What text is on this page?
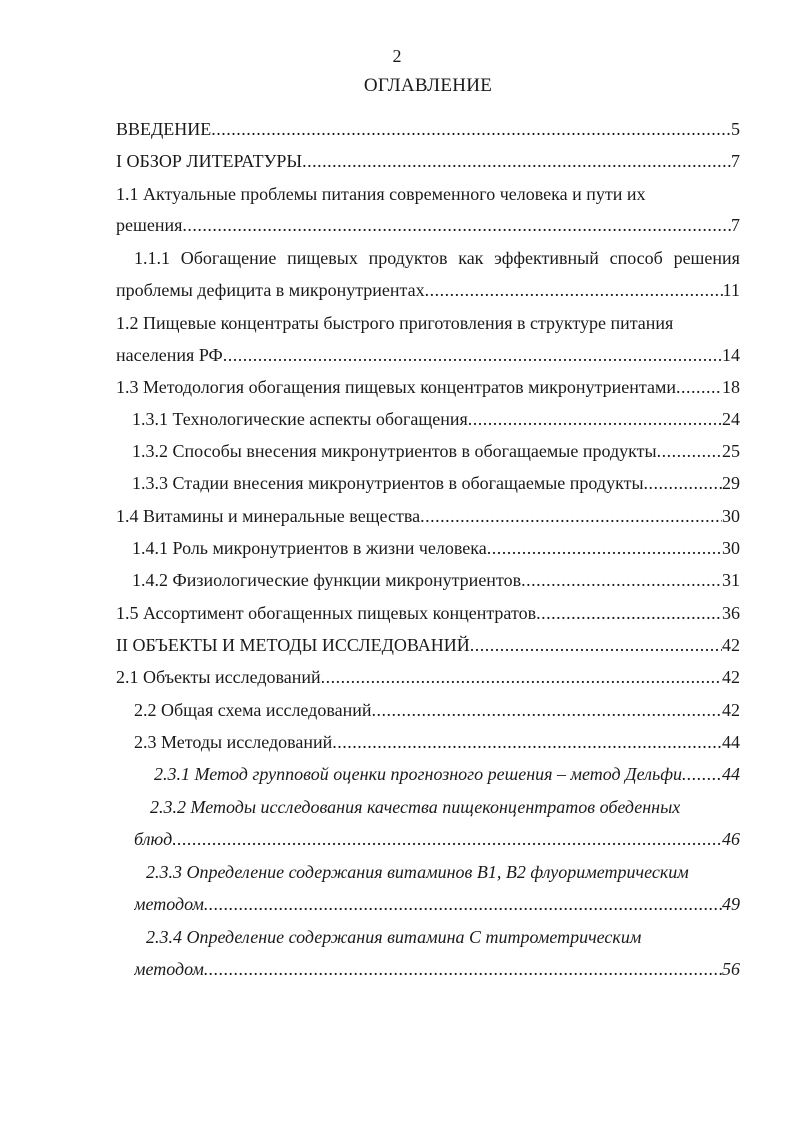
2
ОГЛАВЛЕНИЕ
ВВЕДЕНИЕ .....	5
I ОБЗОР ЛИТЕРАТУРЫ .....	7
1.1 Актуальные проблемы питания современного человека и пути их
решения .....	7
1.1.1 Обогащение пищевых продуктов как эффективный способ решения
проблемы дефицита в микронутриентах .....	11
1.2 Пищевые концентраты быстрого приготовления в структуре питания
населения РФ .....	14
1.3 Методология обогащения пищевых концентратов микронутриентами .....	18
1.3.1 Технологические аспекты обогащения .....	24
1.3.2 Способы внесения микронутриентов в обогащаемые продукты .....	25
1.3.3 Стадии внесения микронутриентов в обогащаемые продукты .....	29
1.4 Витамины и минеральные вещества .....	30
1.4.1 Роль микронутриентов в жизни человека .....	30
1.4.2 Физиологические функции микронутриентов .....	31
1.5 Ассортимент обогащенных пищевых концентратов .....	36
II ОБЪЕКТЫ И МЕТОДЫ ИССЛЕДОВАНИЙ .....	42
2.1 Объекты исследований .....	42
2.2 Общая схема исследований .....	42
2.3 Методы исследований .....	44
2.3.1 Метод групповой оценки прогнозного решения – метод Дельфи ..... 44
2.3.2 Методы исследования качества пищеконцентратов обеденных
блюд .....	46
2.3.3 Определение содержания витаминов В1, В2 флуориметрическим
методом .....	49
2.3.4 Определение содержания витамина С титрометрическим
методом .....	56
